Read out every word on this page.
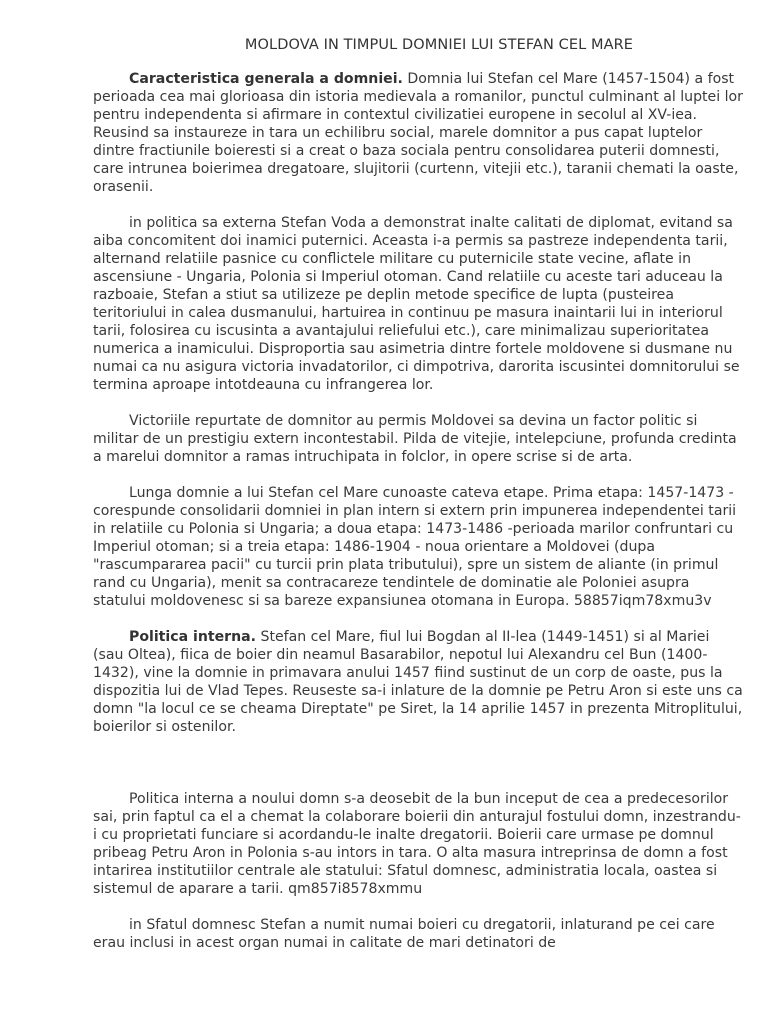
MOLDOVA IN TIMPUL DOMNIEI LUI STEFAN CEL MARE

Caracteristica generala a domniei. Domnia lui Stefan cel Mare (1457-1504) a fost perioada cea mai glorioasa din istoria medievala a romanilor, punctul culminant al luptei lor pentru independenta si afirmare in contextul civilizatiei europene in secolul al XV-iea. Reusind sa instaureze in tara un echilibru social, marele domnitor a pus capat luptelor dintre fractiunile boieresti si a creat o baza sociala pentru consolidarea puterii domnesti, care intrunea boierimea dregatoare, slujitorii (curtenn, vitejii etc.), taranii chemati la oaste, orasenii.

in politica sa externa Stefan Voda a demonstrat inalte calitati de diplomat, evitand sa aiba concomitent doi inamici puternici. Aceasta i-a permis sa pastreze independenta tarii, alternand relatiile pasnice cu conflictele militare cu puternicile state vecine, aflate in ascensiune - Ungaria, Polonia si Imperiul otoman. Cand relatiile cu aceste tari aduceau la razboaie, Stefan a stiut sa utilizeze pe deplin metode specifice de lupta (pusteirea teritoriului in calea dusmanului, hartuirea in continuu pe masura inaintarii lui in interiorul tarii, folosirea cu iscusinta a avantajului reliefului etc.), care minimalizau superioritatea numerica a inamicului. Disproportia sau asimetria dintre fortele moldovene si dusmane nu numai ca nu asigura victoria invadatorilor, ci dimpotriva, darorita iscusintei domnitorului se termina aproape intotdeauna cu infrangerea lor.

Victoriile repurtate de domnitor au permis Moldovei sa devina un factor politic si militar de un prestigiu extern incontestabil. Pilda de vitejie, intelepciune, profunda credinta a marelui domnitor a ramas intruchipata in folclor, in opere scrise si de arta.

Lunga domnie a lui Stefan cel Mare cunoaste cateva etape. Prima etapa: 1457-1473 - corespunde consolidarii domniei in plan intern si extern prin impunerea independentei tarii in relatiile cu Polonia si Ungaria; a doua etapa: 1473-1486 -perioada marilor confruntari cu Imperiul otoman; si a treia etapa: 1486-1904 - noua orientare a Moldovei (dupa "rascumpararea pacii" cu turcii prin plata tributului), spre un sistem de aliante (in primul rand cu Ungaria), menit sa contracareze tendintele de dominatie ale Poloniei asupra statului moldovenesc si sa bareze expansiunea otomana in Europa. 58857iqm78xmu3v

Politica interna. Stefan cel Mare, fiul lui Bogdan al II-lea (1449-1451) si al Mariei (sau Oltea), fiica de boier din neamul Basarabilor, nepotul lui Alexandru cel Bun (1400-1432), vine la domnie in primavara anului 1457 fiind sustinut de un corp de oaste, pus la dispozitia lui de Vlad Tepes. Reuseste sa-i inlature de la domnie pe Petru Aron si este uns ca domn "la locul ce se cheama Direptate" pe Siret, la 14 aprilie 1457 in prezenta Mitroplitului, boierilor si ostenilor.

Politica interna a noului domn s-a deosebit de la bun inceput de cea a predecesorilor sai, prin faptul ca el a chemat la colaborare boierii din anturajul fostului domn, inzestrandu-i cu proprietati funciare si acordandu-le inalte dregatorii. Boierii care urmase pe domnul pribeag Petru Aron in Polonia s-au intors in tara. O alta masura intreprinsa de domn a fost intarirea institutiilor centrale ale statului: Sfatul domnesc, administratia locala, oastea si sistemul de aparare a tarii. qm857i8578xmmu

in Sfatul domnesc Stefan a numit numai boieri cu dregatorii, inlaturand pe cei care erau inclusi in acest organ numai in calitate de mari detinatori de
